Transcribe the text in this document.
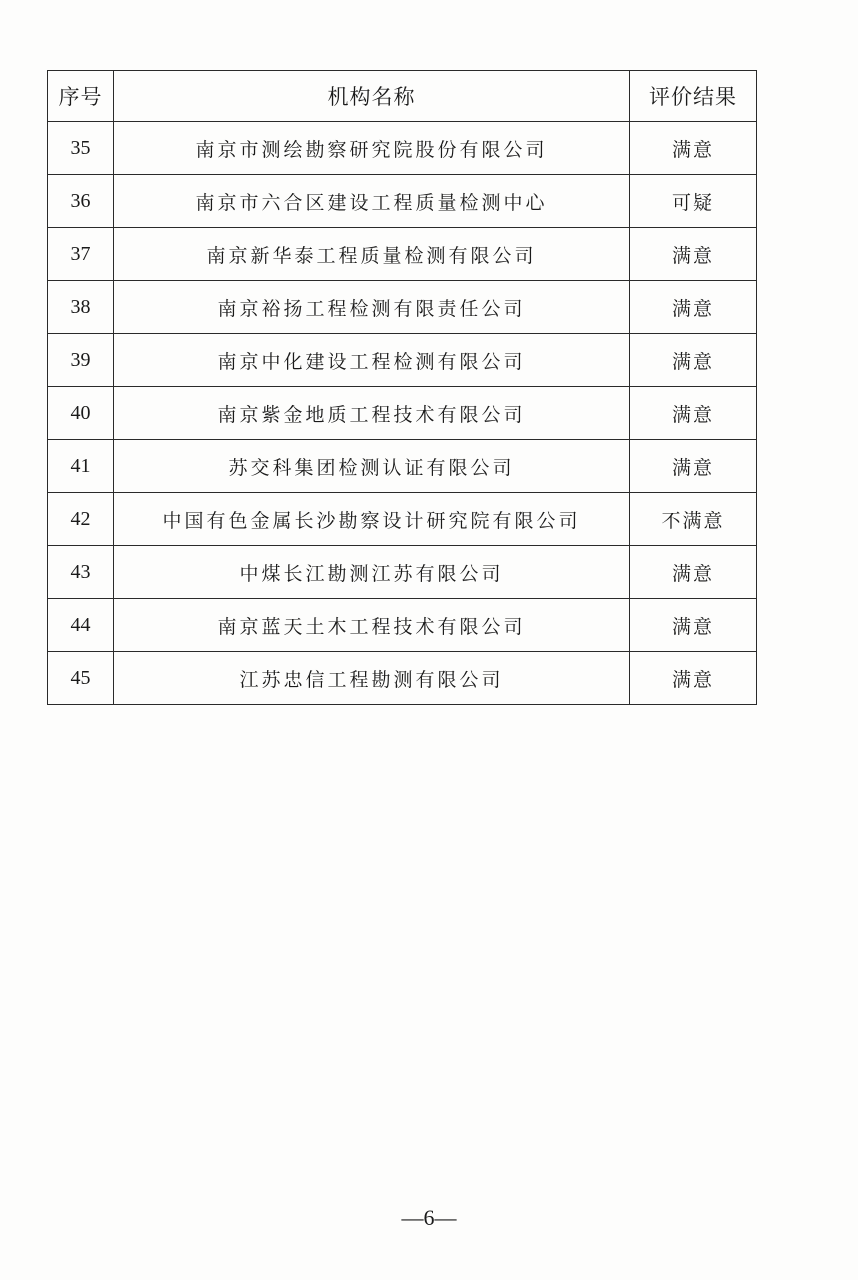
序号	机构名称	评价结果
35	南京市测绘勘察研究院股份有限公司	满意
36	南京市六合区建设工程质量检测中心	可疑
37	南京新华泰工程质量检测有限公司	满意
38	南京裕扬工程检测有限责任公司	满意
39	南京中化建设工程检测有限公司	满意
40	南京紫金地质工程技术有限公司	满意
41	苏交科集团检测认证有限公司	满意
42	中国有色金属长沙勘察设计研究院有限公司	不满意
43	中煤长江勘测江苏有限公司	满意
44	南京蓝天土木工程技术有限公司	满意
45	江苏忠信工程勘测有限公司	满意
—6—
